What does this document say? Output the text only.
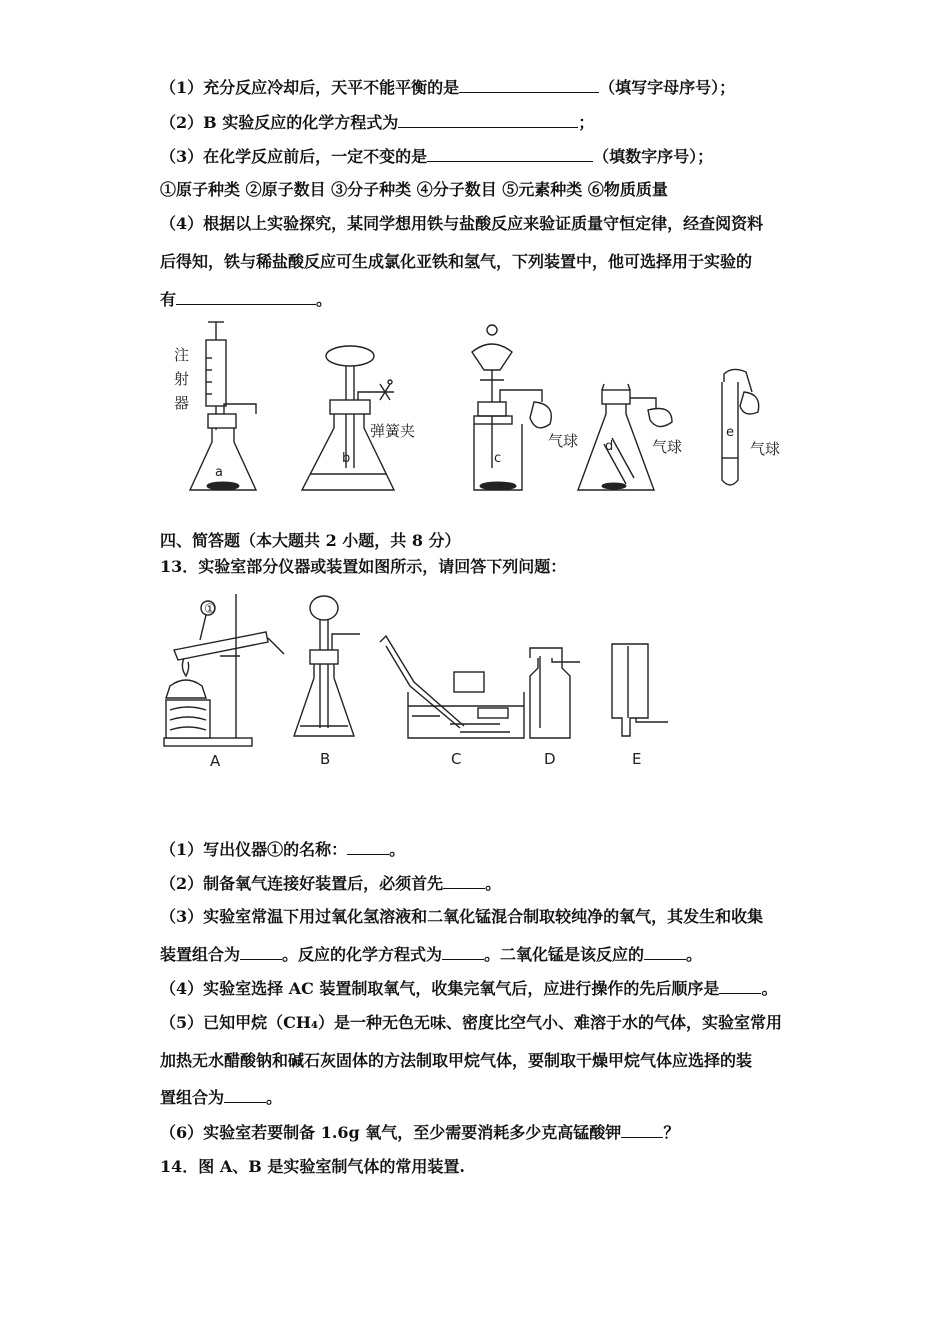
（1）充分反应冷却后，天平不能平衡的是	（填写字母序号）；
（2）B 实验反应的化学方程式为	；
（3）在化学反应前后，一定不变的是	（填数字序号）；
①原子种类 ②原子数目 ③分子种类 ④分子数目 ⑤元素种类 ⑥物质质量
（4）根据以上实验探究，某同学想用铁与盐酸反应来验证质量守恒定律，经查阅资料
后得知，铁与稀盐酸反应可生成氯化亚铁和氢气，下列装置中，他可选择用于实验的
有	。
注
射
器
a
弹簧夹
b
气球
c
气球
d	气球
e
四、简答题（本大题共 2 小题，共 8 分）
13．实验室部分仪器或装置如图所示，请回答下列问题：
①
A	B	C	D	E
（1）写出仪器①的名称：	。
（2）制备氧气连接好装置后，必须首先	。
（3）实验室常温下用过氧化氢溶液和二氧化锰混合制取较纯净的氧气，其发生和收集
装置组合为	。反应的化学方程式为	。二氧化锰是该反应的	。
（4）实验室选择 AC 装置制取氧气，收集完氧气后，应进行操作的先后顺序是	。
（5）已知甲烷（CH₄）是一种无色无味、密度比空气小、难溶于水的气体，实验室常用
加热无水醋酸钠和碱石灰固体的方法制取甲烷气体，要制取干燥甲烷气体应选择的装
置组合为	。
（6）实验室若要制备 1.6g 氧气，至少需要消耗多少克高锰酸钾	？
14．图 A、B 是实验室制气体的常用装置.
